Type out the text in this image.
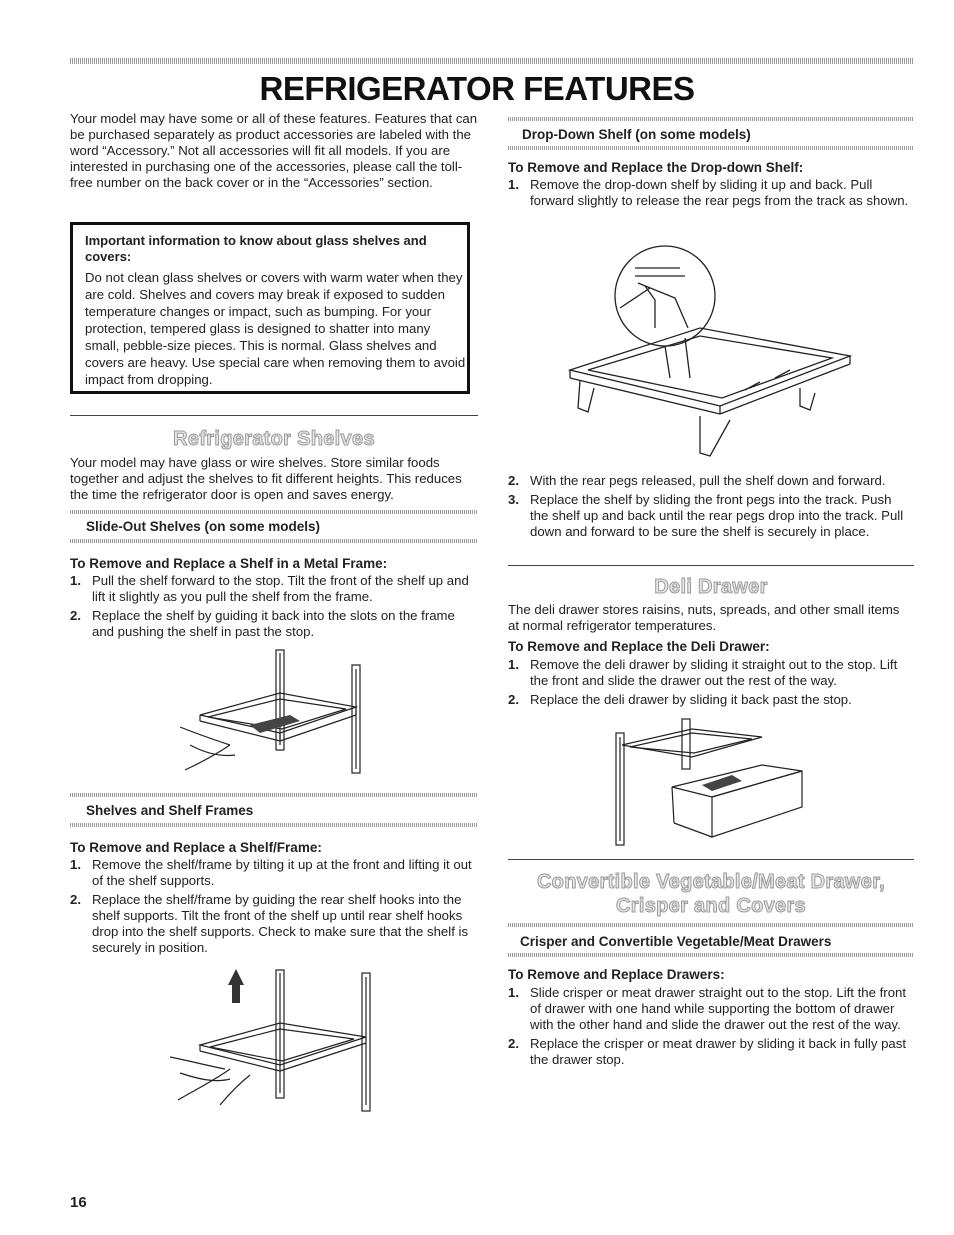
REFRIGERATOR FEATURES

Your model may have some or all of these features. Features that can be purchased separately as product accessories are labeled with the word “Accessory.” Not all accessories will fit all models. If you are interested in purchasing one of the accessories, please call the toll-free number on the back cover or in the “Accessories” section.

Important information to know about glass shelves and covers:
Do not clean glass shelves or covers with warm water when they are cold. Shelves and covers may break if exposed to sudden temperature changes or impact, such as bumping. For your protection, tempered glass is designed to shatter into many small, pebble-size pieces. This is normal. Glass shelves and covers are heavy. Use special care when removing them to avoid impact from dropping.
Refrigerator Shelves

Your model may have glass or wire shelves. Store similar foods together and adjust the shelves to fit different heights. This reduces the time the refrigerator door is open and saves energy.

Slide-Out Shelves (on some models)
To Remove and Replace a Shelf in a Metal Frame:
1. Pull the shelf forward to the stop. Tilt the front of the shelf up and lift it slightly as you pull the shelf from the frame.
2. Replace the shelf by guiding it back into the slots on the frame and pushing the shelf in past the stop.
Shelves and Shelf Frames
To Remove and Replace a Shelf/Frame:
1. Remove the shelf/frame by tilting it up at the front and lifting it out of the shelf supports.
2. Replace the shelf/frame by guiding the rear shelf hooks into the shelf supports. Tilt the front of the shelf up until rear shelf hooks drop into the shelf supports. Check to make sure that the shelf is securely in position.
16
Drop-Down Shelf (on some models)
To Remove and Replace the Drop-down Shelf:
1. Remove the drop-down shelf by sliding it up and back. Pull forward slightly to release the rear pegs from the track as shown.
2. With the rear pegs released, pull the shelf down and forward.
3. Replace the shelf by sliding the front pegs into the track. Push the shelf up and back until the rear pegs drop into the track. Pull down and forward to be sure the shelf is securely in place.
Deli Drawer

The deli drawer stores raisins, nuts, spreads, and other small items at normal refrigerator temperatures.

To Remove and Replace the Deli Drawer:
1. Remove the deli drawer by sliding it straight out to the stop. Lift the front and slide the drawer out the rest of the way.
2. Replace the deli drawer by sliding it back past the stop.
Convertible Vegetable/Meat Drawer,
Crisper and Covers
Crisper and Convertible Vegetable/Meat Drawers
To Remove and Replace Drawers:
1. Slide crisper or meat drawer straight out to the stop. Lift the front of drawer with one hand while supporting the bottom of drawer with the other hand and slide the drawer out the rest of the way.
2. Replace the crisper or meat drawer by sliding it back in fully past the drawer stop.
